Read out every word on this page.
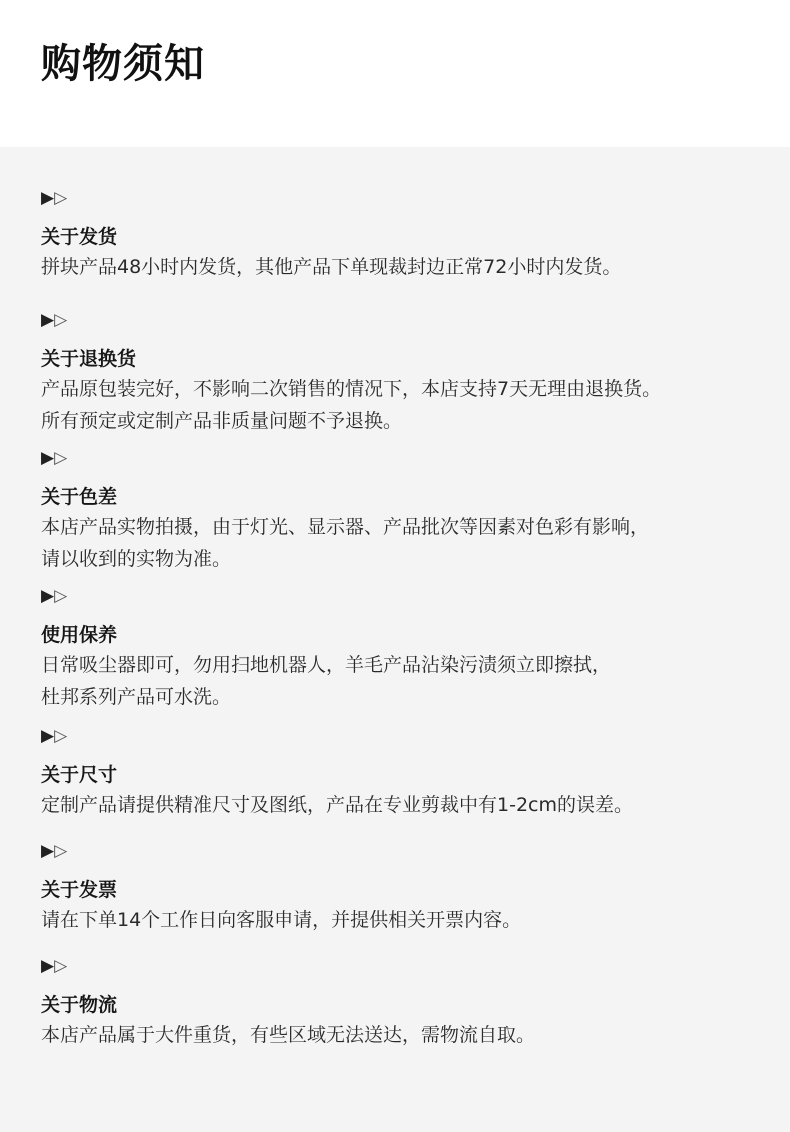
购物须知
▶▷
关于发货
拼块产品48小时内发货，其他产品下单现裁封边正常72小时内发货。
▶▷
关于退换货
产品原包装完好，不影响二次销售的情况下，本店支持7天无理由退换货。
所有预定或定制产品非质量问题不予退换。
▶▷
关于色差
本店产品实物拍摄，由于灯光、显示器、产品批次等因素对色彩有影响，
请以收到的实物为准。
▶▷
使用保养
日常吸尘器即可，勿用扫地机器人，羊毛产品沾染污渍须立即擦拭，
杜邦系列产品可水洗。
▶▷
关于尺寸
定制产品请提供精准尺寸及图纸，产品在专业剪裁中有1-2cm的误差。
▶▷
关于发票
请在下单14个工作日向客服申请，并提供相关开票内容。
▶▷
关于物流
本店产品属于大件重货，有些区域无法送达，需物流自取。
